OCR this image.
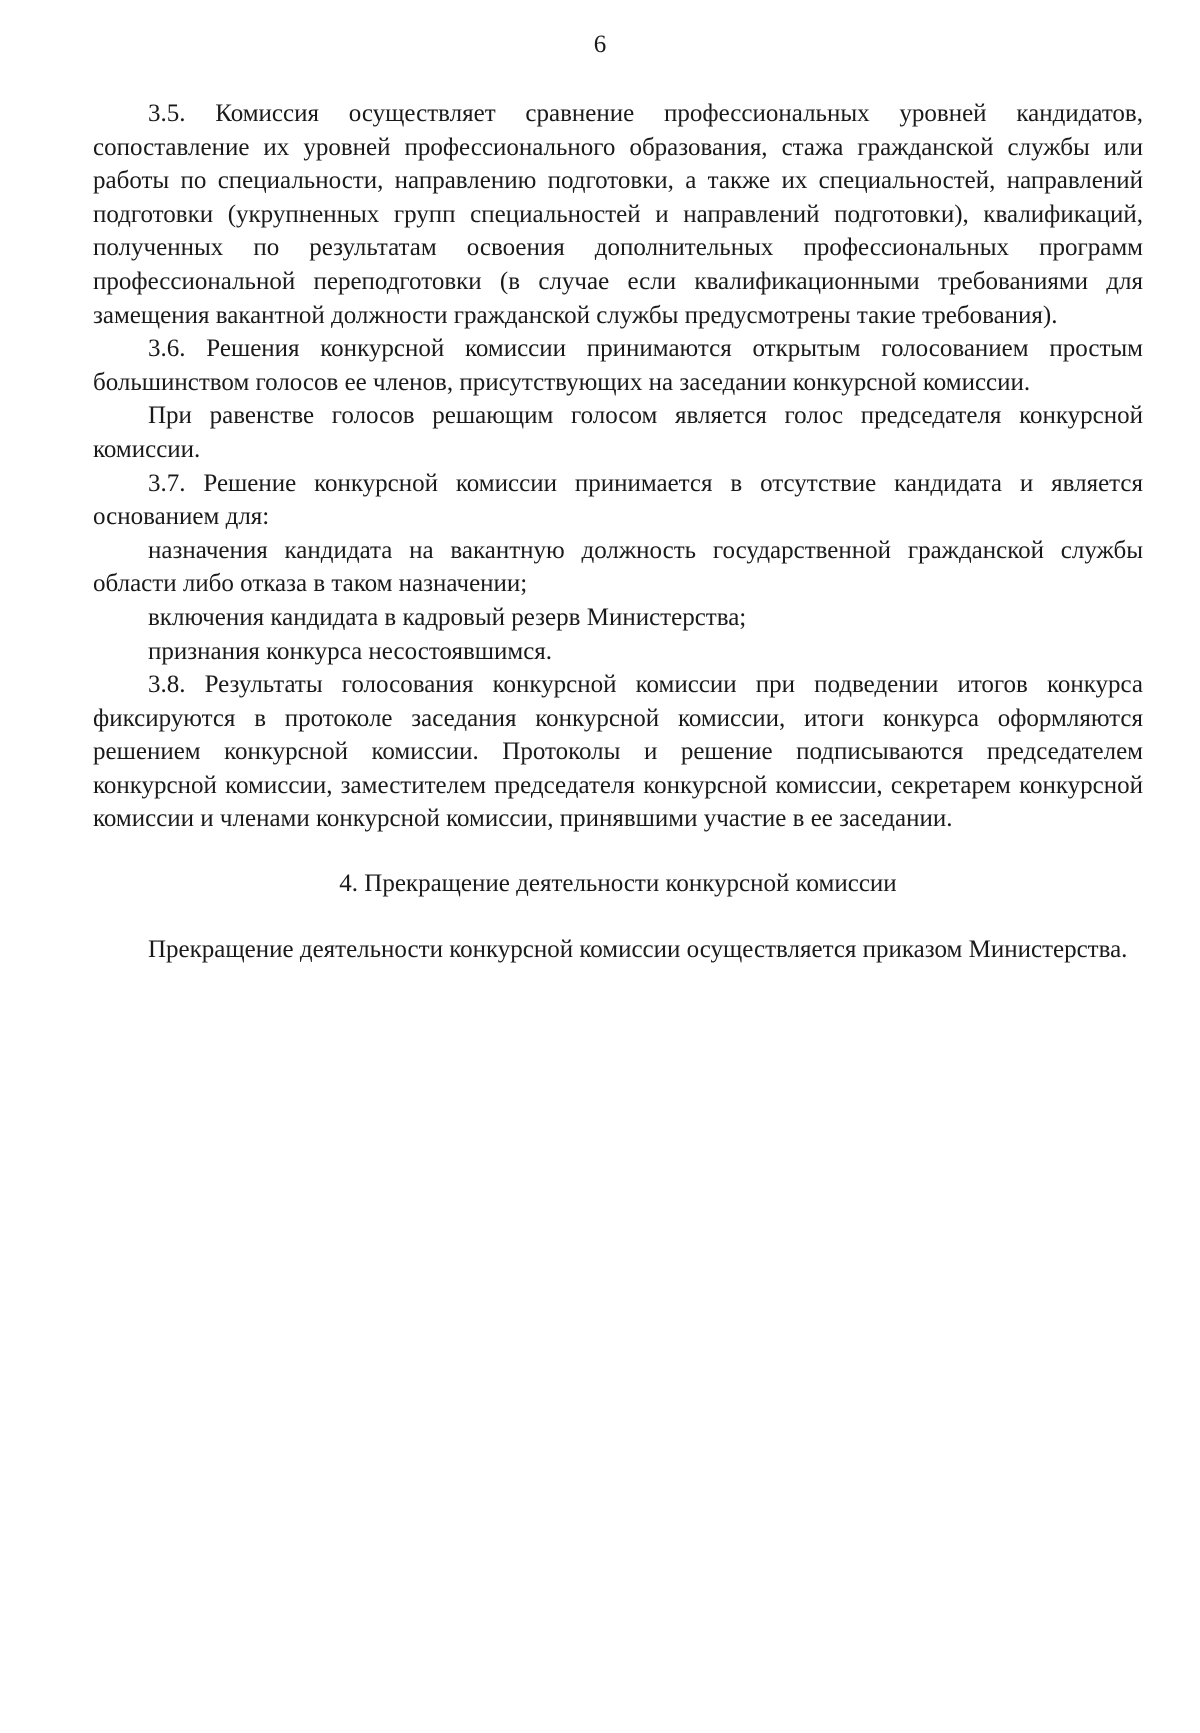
6

3.5. Комиссия осуществляет сравнение профессиональных уровней кандидатов, сопоставление их уровней профессионального образования, стажа гражданской службы или работы по специальности, направлению подготовки, а также их специальностей, направлений подготовки (укрупненных групп специальностей и направлений подготовки), квалификаций, полученных по результатам освоения дополнительных профессиональных программ профессиональной переподготовки (в случае если квалификационными требованиями для замещения вакантной должности гражданской службы предусмотрены такие требования).

3.6. Решения конкурсной комиссии принимаются открытым голосованием простым большинством голосов ее членов, присутствующих на заседании конкурсной комиссии.

При равенстве голосов решающим голосом является голос председателя конкурсной комиссии.

3.7. Решение конкурсной комиссии принимается в отсутствие кандидата и является основанием для:

назначения кандидата на вакантную должность государственной гражданской службы области либо отказа в таком назначении;

включения кандидата в кадровый резерв Министерства;

признания конкурса несостоявшимся.

3.8. Результаты голосования конкурсной комиссии при подведении итогов конкурса фиксируются в протоколе заседания конкурсной комиссии, итоги конкурса оформляются решением конкурсной комиссии. Протоколы и решение подписываются председателем конкурсной комиссии, заместителем председателя конкурсной комиссии, секретарем конкурсной комиссии и членами конкурсной комиссии, принявшими участие в ее заседании.

4. Прекращение деятельности конкурсной комиссии

Прекращение деятельности конкурсной комиссии осуществляется приказом Министерства.
